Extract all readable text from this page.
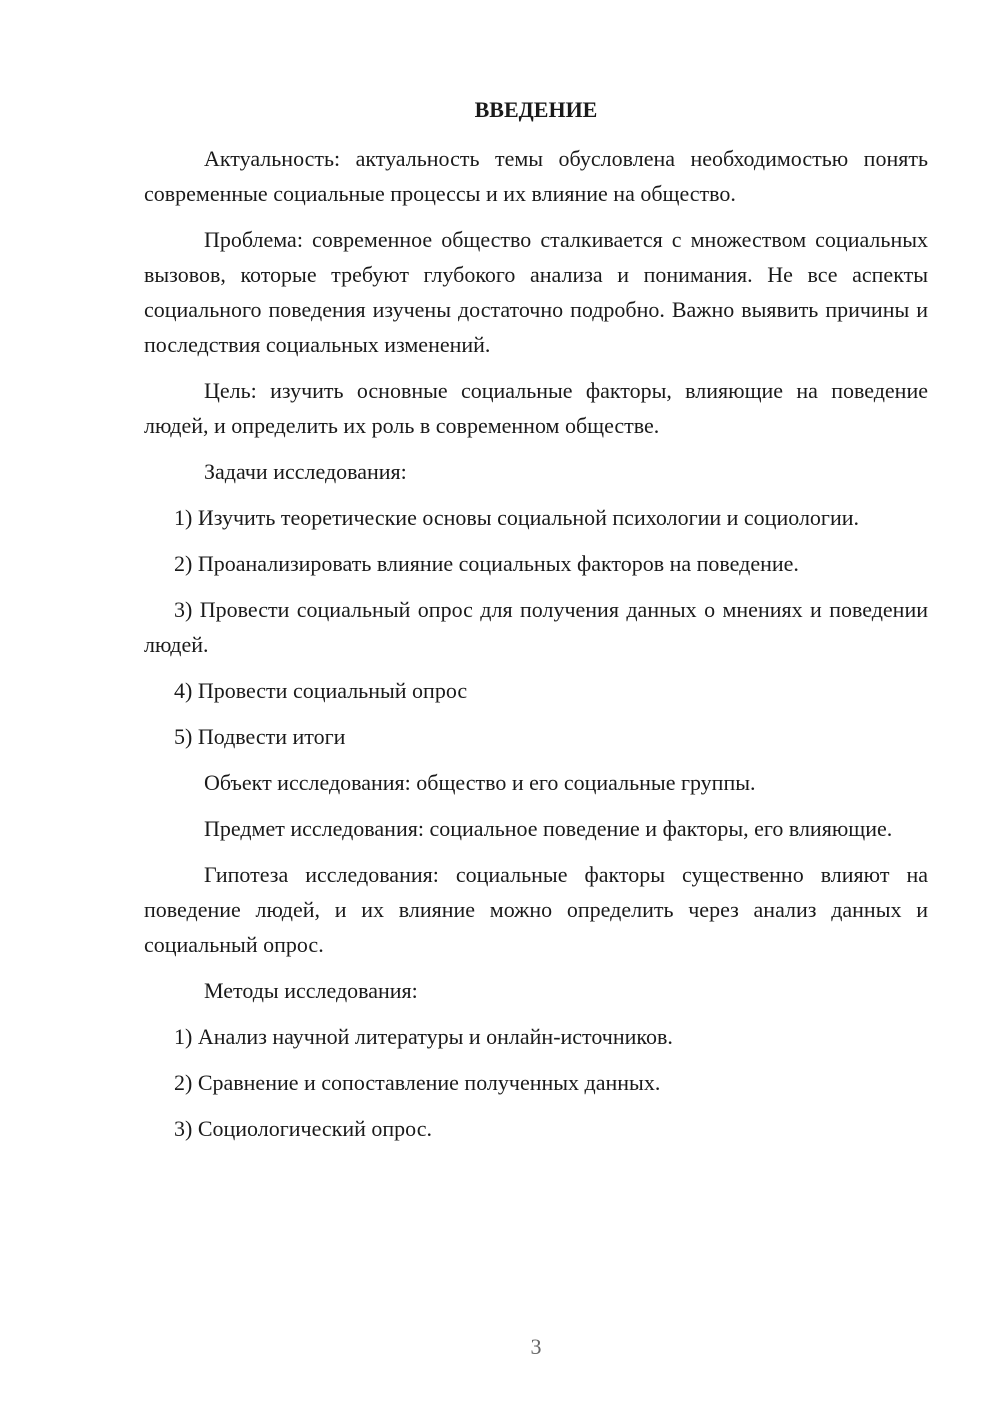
ВВЕДЕНИЕ

Актуальность: актуальность темы обусловлена необходимостью понять современные социальные процессы и их влияние на общество.

Проблема: современное общество сталкивается с множеством социальных вызовов, которые требуют глубокого анализа и понимания. Не все аспекты социального поведения изучены достаточно подробно. Важно выявить причины и последствия социальных изменений.

Цель: изучить основные социальные факторы, влияющие на поведение людей, и определить их роль в современном обществе.

Задачи исследования:

1) Изучить теоретические основы социальной психологии и социологии.

2) Проанализировать влияние социальных факторов на поведение.

3) Провести социальный опрос для получения данных о мнениях и поведении людей.

4) Провести социальный опрос

5) Подвести итоги

Объект исследования: общество и его социальные группы.

Предмет исследования: социальное поведение и факторы, его влияющие.

Гипотеза исследования: социальные факторы существенно влияют на поведение людей, и их влияние можно определить через анализ данных и социальный опрос.

Методы исследования:

1) Анализ научной литературы и онлайн-источников.

2) Сравнение и сопоставление полученных данных.

3) Социологический опрос.

3
